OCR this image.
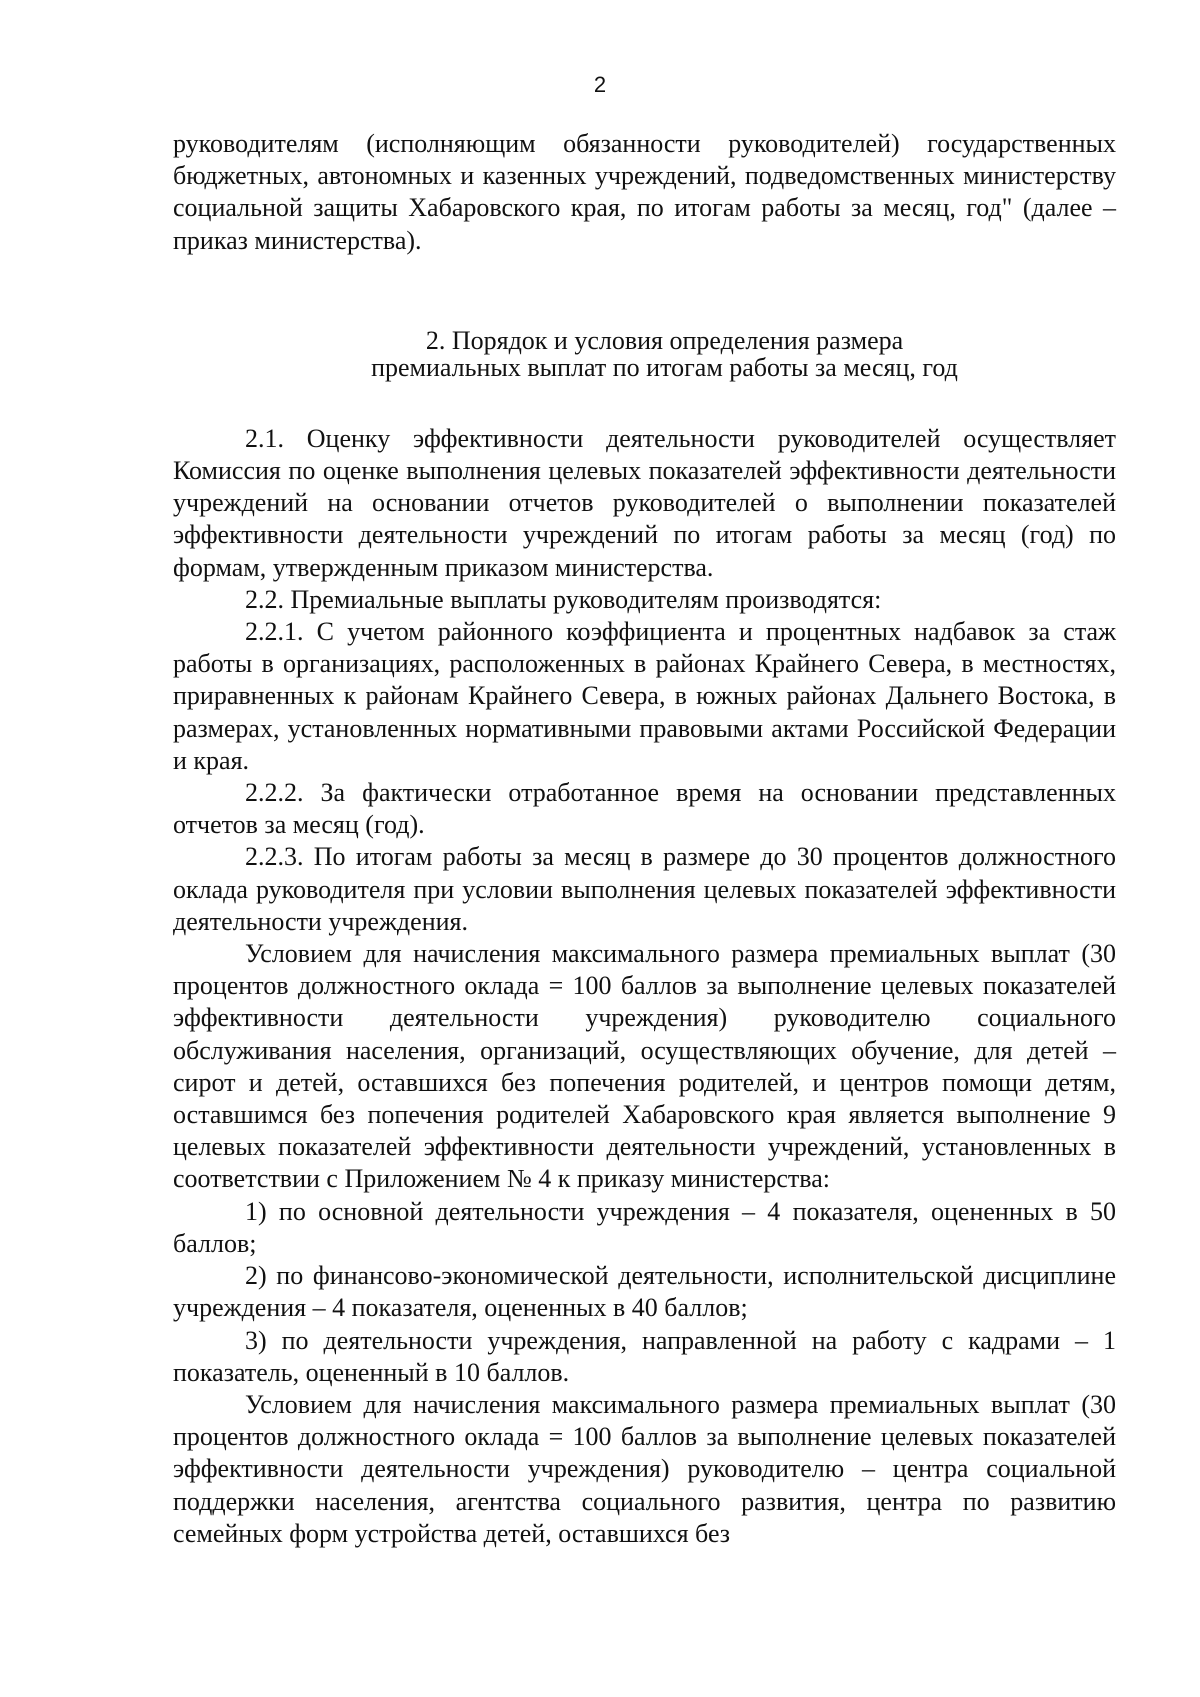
2

руководителям (исполняющим обязанности руководителей) государственных бюджетных, автономных и казенных учреждений, подведомственных министерству социальной защиты Хабаровского края, по итогам работы за месяц, год" (далее – приказ министерства).

2. Порядок и условия определения размера

премиальных выплат по итогам работы за месяц, год

2.1. Оценку эффективности деятельности руководителей осуществляет Комиссия по оценке выполнения целевых показателей эффективности деятельности учреждений на основании отчетов руководителей о выполнении показателей эффективности деятельности учреждений по итогам работы за месяц (год) по формам, утвержденным приказом министерства.

2.2. Премиальные выплаты руководителям производятся:

2.2.1. С учетом районного коэффициента и процентных надбавок за стаж работы в организациях, расположенных в районах Крайнего Севера, в местностях, приравненных к районам Крайнего Севера, в южных районах Дальнего Востока, в размерах, установленных нормативными правовыми актами Российской Федерации и края.

2.2.2. За фактически отработанное время на основании представленных отчетов за месяц (год).

2.2.3. По итогам работы за месяц в размере до 30 процентов должностного оклада руководителя при условии выполнения целевых показателей эффективности деятельности учреждения.

Условием для начисления максимального размера премиальных выплат (30 процентов должностного оклада = 100 баллов за выполнение целевых показателей эффективности деятельности учреждения) руководителю социального обслуживания населения, организаций, осуществляющих обучение, для детей – сирот и детей, оставшихся без попечения родителей, и центров помощи детям, оставшимся без попечения родителей Хабаровского края является выполнение 9 целевых показателей эффективности деятельности учреждений, установленных в соответствии с Приложением № 4 к приказу министерства:

1) по основной деятельности учреждения – 4 показателя, оцененных в 50 баллов;

2) по финансово-экономической деятельности, исполнительской дисциплине учреждения – 4 показателя, оцененных в 40 баллов;

3) по деятельности учреждения, направленной на работу с кадрами – 1 показатель, оцененный в 10 баллов.

Условием для начисления максимального размера премиальных выплат (30 процентов должностного оклада = 100 баллов за выполнение целевых показателей эффективности деятельности учреждения) руководителю – центра социальной поддержки населения, агентства социального развития, центра по развитию семейных форм устройства детей, оставшихся без
